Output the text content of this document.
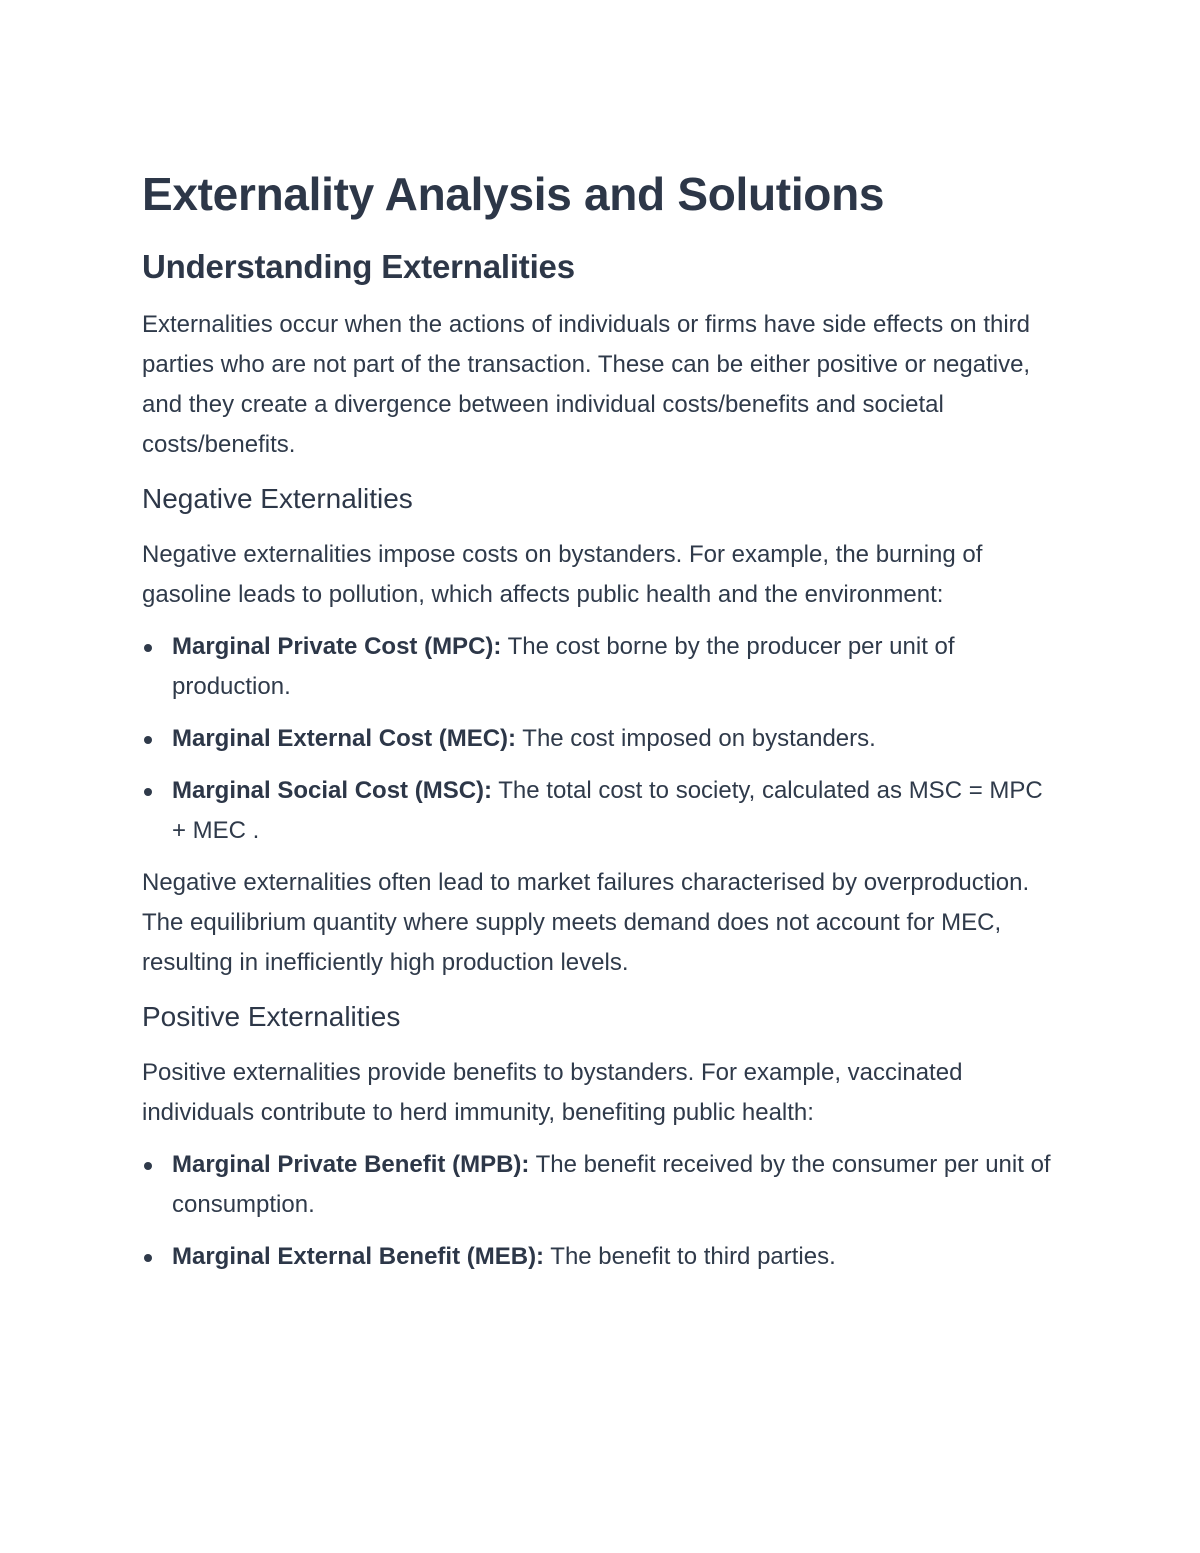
Externality Analysis and Solutions
Understanding Externalities

Externalities occur when the actions of individuals or firms have side effects on third parties who are not part of the transaction. These can be either positive or negative, and they create a divergence between individual costs/benefits and societal costs/benefits.

Negative Externalities

Negative externalities impose costs on bystanders. For example, the burning of gasoline leads to pollution, which affects public health and the environment:

Marginal Private Cost (MPC): The cost borne by the producer per unit of production.
Marginal External Cost (MEC): The cost imposed on bystanders.
Marginal Social Cost (MSC): The total cost to society, calculated as MSC = MPC + MEC .

Negative externalities often lead to market failures characterised by overproduction. The equilibrium quantity where supply meets demand does not account for MEC, resulting in inefficiently high production levels.

Positive Externalities

Positive externalities provide benefits to bystanders. For example, vaccinated individuals contribute to herd immunity, benefiting public health:

Marginal Private Benefit (MPB): The benefit received by the consumer per unit of consumption.
Marginal External Benefit (MEB): The benefit to third parties.
